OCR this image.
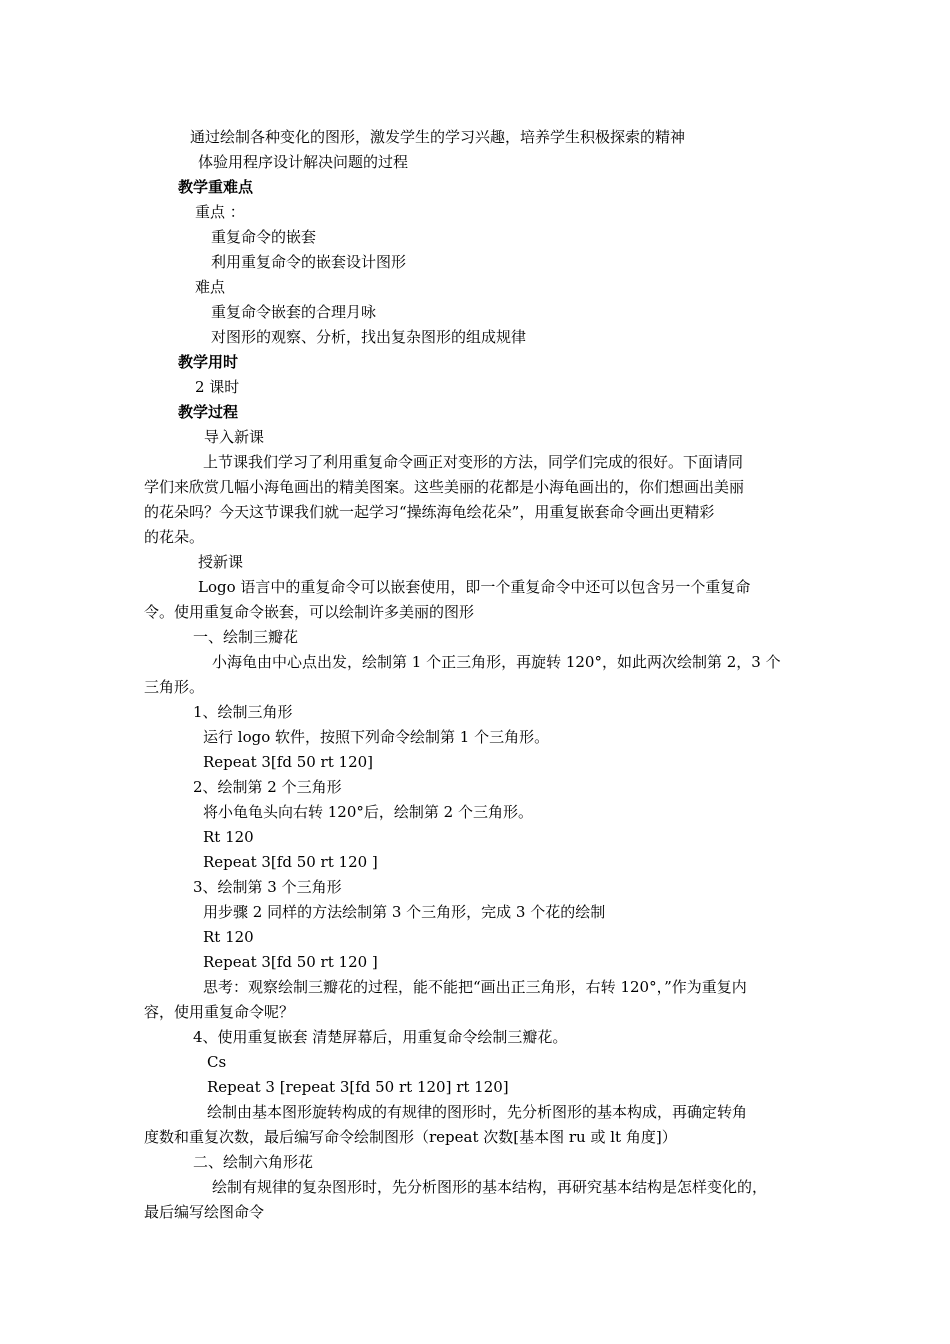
通过绘制各种变化的图形，激发学生的学习兴趣，培养学生积极探索的精神
体验用程序设计解决问题的过程
教学重难点
重点 ：
重复命令的嵌套
利用重复命令的嵌套设计图形
难点
重复命令嵌套的合理月咏
对图形的观察、分析，找出复杂图形的组成规律
教学用时
2 课时
教学过程
导入新课
上节课我们学习了利用重复命令画正对变形的方法，同学们完成的很好。下面请同
学们来欣赏几幅小海龟画出的精美图案。这些美丽的花都是小海龟画出的，你们想画出美丽
的花朵吗？今天这节课我们就一起学习“操练海龟绘花朵”，用重复嵌套命令画出更精彩
的花朵。
授新课
Logo 语言中的重复命令可以嵌套使用，即一个重复命令中还可以包含另一个重复命
令。使用重复命令嵌套，可以绘制许多美丽的图形
一、绘制三瓣花
小海龟由中心点出发，绘制第 1 个正三角形，再旋转 120°，如此两次绘制第 2，3 个
三角形。
1、绘制三角形
运行 logo 软件，按照下列命令绘制第 1 个三角形。
Repeat 3[fd 50 rt 120]
2、绘制第 2 个三角形
将小龟龟头向右转 120°后，绘制第 2 个三角形。
Rt 120
Repeat 3[fd 50 rt 120 ]
3、绘制第 3 个三角形
用步骤 2 同样的方法绘制第 3 个三角形，完成 3 个花的绘制
Rt 120
Repeat 3[fd 50 rt 120 ]
思考：观察绘制三瓣花的过程，能不能把“画出正三角形，右转 120°，”作为重复内
容，使用重复命令呢？
4、使用重复嵌套 清楚屏幕后，用重复命令绘制三瓣花。
Cs
Repeat 3 [repeat 3[fd 50 rt 120] rt 120]
绘制由基本图形旋转构成的有规律的图形时，先分析图形的基本构成，再确定转角
度数和重复次数，最后编写命令绘制图形（repeat 次数[基本图 ru 或 lt 角度]）
二、绘制六角形花
绘制有规律的复杂图形时，先分析图形的基本结构，再研究基本结构是怎样变化的，
最后编写绘图命令
